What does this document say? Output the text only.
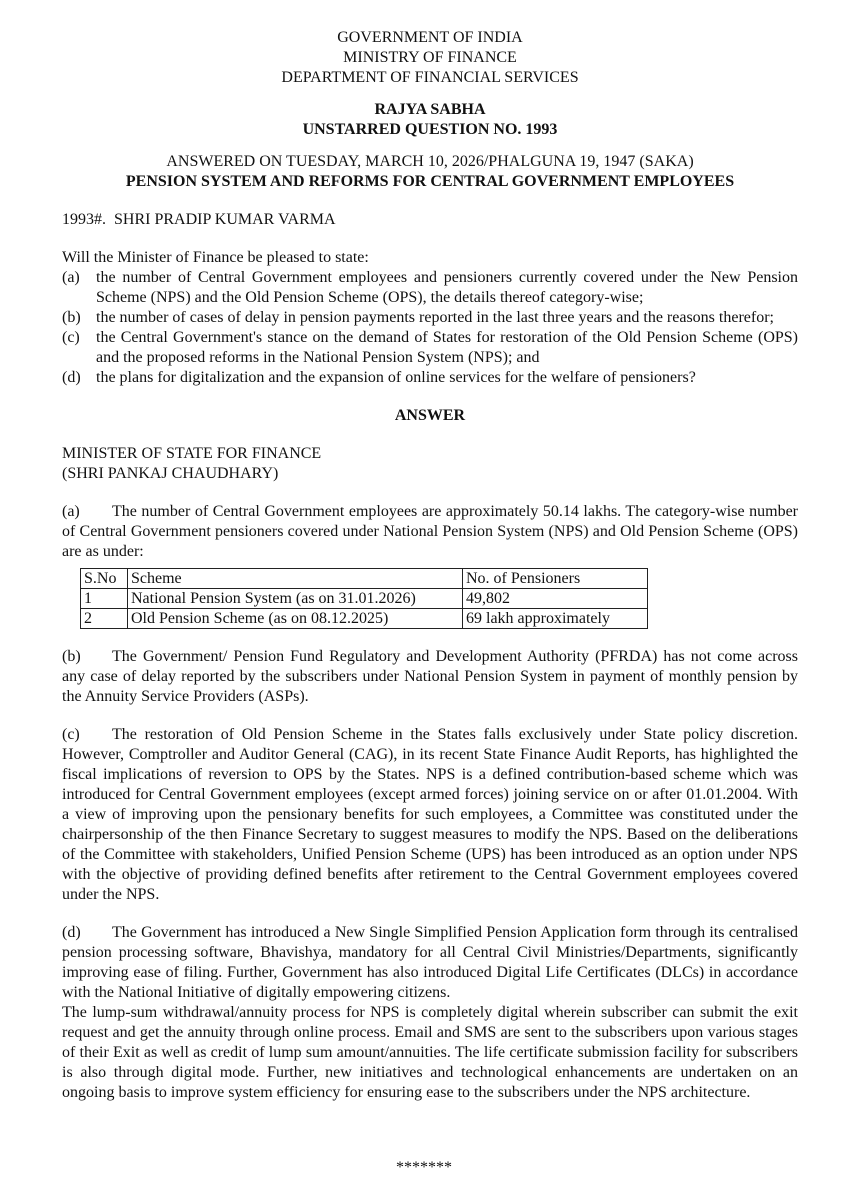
GOVERNMENT OF INDIA
MINISTRY OF FINANCE
DEPARTMENT OF FINANCIAL SERVICES
RAJYA SABHA
UNSTARRED QUESTION NO. 1993
ANSWERED ON TUESDAY, MARCH 10, 2026/PHALGUNA 19, 1947 (SAKA)
PENSION SYSTEM AND REFORMS FOR CENTRAL GOVERNMENT EMPLOYEES
1993#.  SHRI PRADIP KUMAR VARMA
Will the Minister of Finance be pleased to state:
(a)	the number of Central Government employees and pensioners currently covered under the New Pension Scheme (NPS) and the Old Pension Scheme (OPS), the details thereof category-wise;
(b) the number of cases of delay in pension payments reported in the last three years and the reasons therefor;
(c)	the Central Government's stance on the demand of States for restoration of the Old Pension Scheme (OPS) and the proposed reforms in the National Pension System (NPS); and
(d) the plans for digitalization and the expansion of online services for the welfare of pensioners?
ANSWER
MINISTER OF STATE FOR FINANCE
(SHRI PANKAJ CHAUDHARY)
(a) The number of Central Government employees are approximately 50.14 lakhs. The category-wise number of Central Government pensioners covered under National Pension System (NPS) and Old Pension Scheme (OPS) are as under:
S.No	Scheme	No. of Pensioners
1	National Pension System (as on 31.01.2026)	49,802
2	Old Pension Scheme (as on 08.12.2025)	69 lakh approximately
(b) The Government/ Pension Fund Regulatory and Development Authority (PFRDA) has not come across any case of delay reported by the subscribers under National Pension System in payment of monthly pension by the Annuity Service Providers (ASPs).
(c) The restoration of Old Pension Scheme in the States falls exclusively under State policy discretion. However, Comptroller and Auditor General (CAG), in its recent State Finance Audit Reports, has highlighted the fiscal implications of reversion to OPS by the States. NPS is a defined contribution-based scheme which was introduced for Central Government employees (except armed forces) joining service on or after 01.01.2004. With a view of improving upon the pensionary benefits for such employees, a Committee was constituted under the chairpersonship of the then Finance Secretary to suggest measures to modify the NPS. Based on the deliberations of the Committee with stakeholders, Unified Pension Scheme (UPS) has been introduced as an option under NPS with the objective of providing defined benefits after retirement to the Central Government employees covered under the NPS.
(d) The Government has introduced a New Single Simplified Pension Application form through its centralised pension processing software, Bhavishya, mandatory for all Central Civil Ministries/Departments, significantly improving ease of filing. Further, Government has also introduced Digital Life Certificates (DLCs) in accordance with the National Initiative of digitally empowering citizens.
The lump-sum withdrawal/annuity process for NPS is completely digital wherein subscriber can submit the exit request and get the annuity through online process. Email and SMS are sent to the subscribers upon various stages of their Exit as well as credit of lump sum amount/annuities. The life certificate submission facility for subscribers is also through digital mode. Further, new initiatives and technological enhancements are undertaken on an ongoing basis to improve system efficiency for ensuring ease to the subscribers under the NPS architecture.
*******
